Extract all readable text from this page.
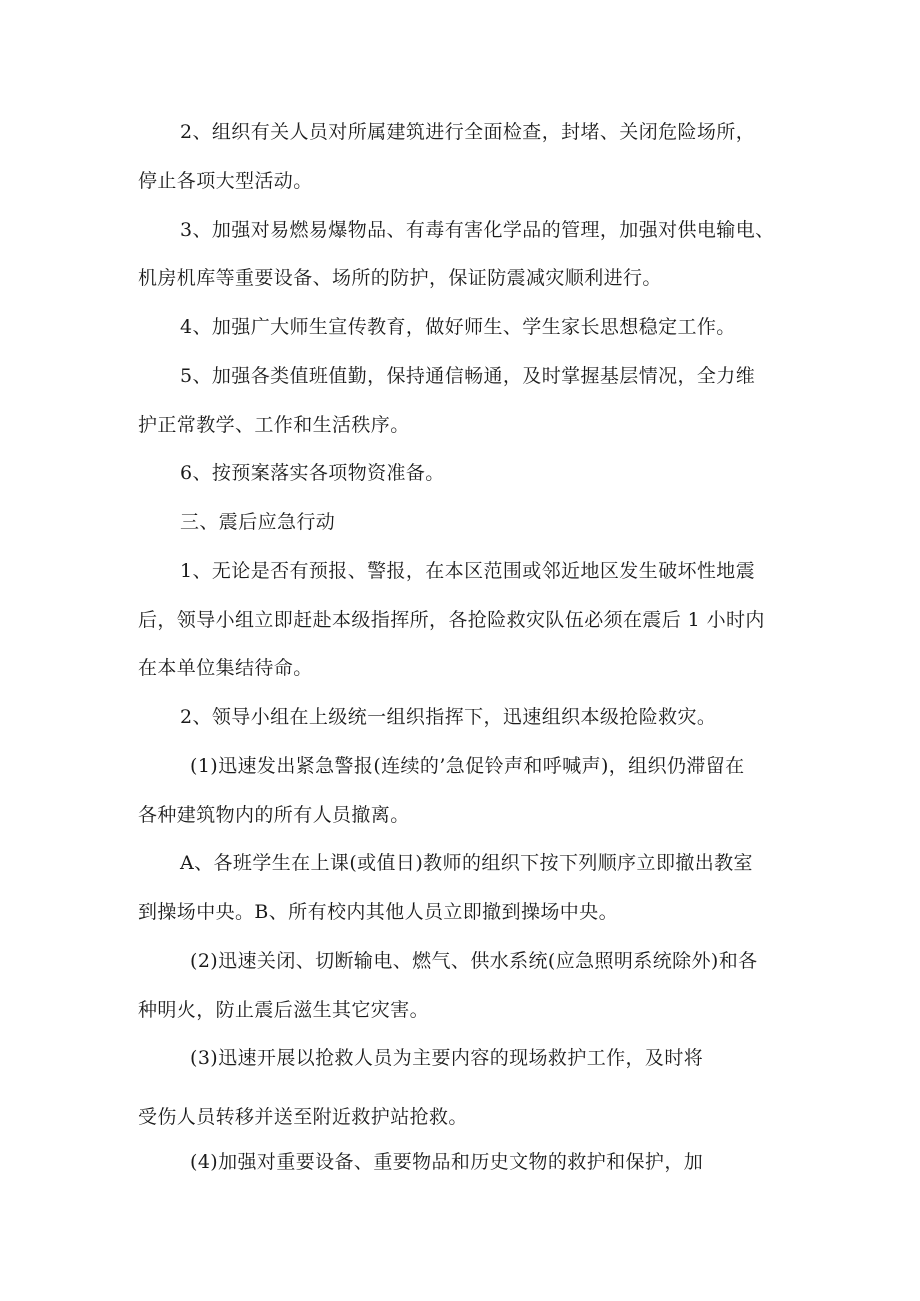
2、组织有关人员对所属建筑进行全面检查，封堵、关闭危险场所，
停止各项大型活动。
3、加强对易燃易爆物品、有毒有害化学品的管理，加强对供电输电、
机房机库等重要设备、场所的防护，保证防震减灾顺利进行。
4、加强广大师生宣传教育，做好师生、学生家长思想稳定工作。
5、加强各类值班值勤，保持通信畅通，及时掌握基层情况，全力维
护正常教学、工作和生活秩序。
6、按预案落实各项物资准备。
三、震后应急行动
1、无论是否有预报、警报，在本区范围或邻近地区发生破坏性地震
后，领导小组立即赶赴本级指挥所，各抢险救灾队伍必须在震后 1 小时内
在本单位集结待命。
2、领导小组在上级统一组织指挥下，迅速组织本级抢险救灾。
(1)迅速发出紧急警报(连续的’急促铃声和呼喊声)，组织仍滞留在
各种建筑物内的所有人员撤离。
A、各班学生在上课(或值日)教师的组织下按下列顺序立即撤出教室
到操场中央。B、所有校内其他人员立即撤到操场中央。
(2)迅速关闭、切断输电、燃气、供水系统(应急照明系统除外)和各
种明火，防止震后滋生其它灾害。
(3)迅速开展以抢救人员为主要内容的现场救护工作，及时将
受伤人员转移并送至附近救护站抢救。
(4)加强对重要设备、重要物品和历史文物的救护和保护，加
